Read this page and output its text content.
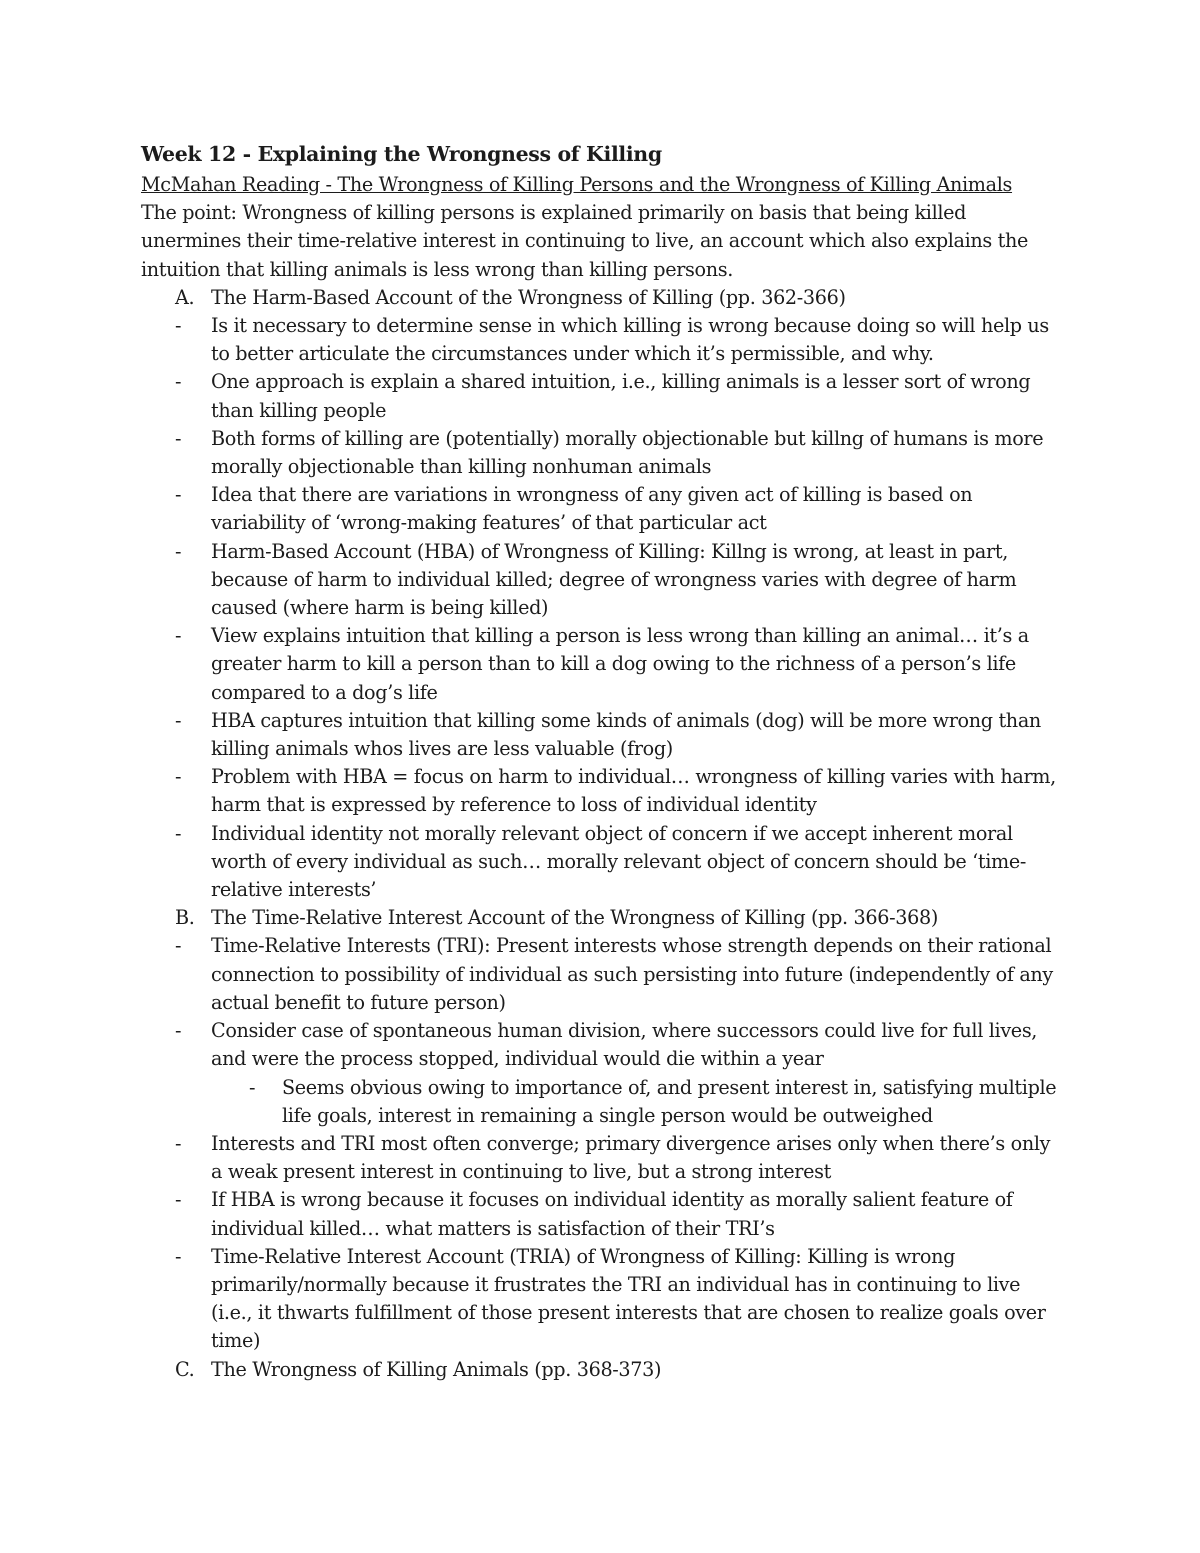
Week 12 - Explaining the Wrongness of Killing
McMahan Reading - The Wrongness of Killing Persons and the Wrongness of Killing Animals
The point: Wrongness of killing persons is explained primarily on basis that being killed unermines their time-relative interest in continuing to live, an account which also explains the intuition that killing animals is less wrong than killing persons.
A. The Harm-Based Account of the Wrongness of Killing (pp. 362-366)
- Is it necessary to determine sense in which killing is wrong because doing so will help us to better articulate the circumstances under which it’s permissible, and why.
- One approach is explain a shared intuition, i.e., killing animals is a lesser sort of wrong than killing people
- Both forms of killing are (potentially) morally objectionable but killng of humans is more morally objectionable than killing nonhuman animals
- Idea that there are variations in wrongness of any given act of killing is based on variability of ‘wrong-making features’ of that particular act
- Harm-Based Account (HBA) of Wrongness of Killing: Killng is wrong, at least in part, because of harm to individual killed; degree of wrongness varies with degree of harm caused (where harm is being killed)
- View explains intuition that killing a person is less wrong than killing an animal… it’s a greater harm to kill a person than to kill a dog owing to the richness of a person’s life compared to a dog’s life
- HBA captures intuition that killing some kinds of animals (dog) will be more wrong than killing animals whos lives are less valuable (frog)
- Problem with HBA = focus on harm to individual… wrongness of killing varies with harm, harm that is expressed by reference to loss of individual identity
- Individual identity not morally relevant object of concern if we accept inherent moral worth of every individual as such… morally relevant object of concern should be ‘time-relative interests’
B. The Time-Relative Interest Account of the Wrongness of Killing (pp. 366-368)
- Time-Relative Interests (TRI): Present interests whose strength depends on their rational connection to possibility of individual as such persisting into future (independently of any actual benefit to future person)
- Consider case of spontaneous human division, where successors could live for full lives, and were the process stopped, individual would die within a year
- Seems obvious owing to importance of, and present interest in, satisfying multiple life goals, interest in remaining a single person would be outweighed
- Interests and TRI most often converge; primary divergence arises only when there’s only a weak present interest in continuing to live, but a strong interest
- If HBA is wrong because it focuses on individual identity as morally salient feature of individual killed… what matters is satisfaction of their TRI’s
- Time-Relative Interest Account (TRIA) of Wrongness of Killing: Killing is wrong primarily/normally because it frustrates the TRI an individual has in continuing to live (i.e., it thwarts fulfillment of those present interests that are chosen to realize goals over time)
C. The Wrongness of Killing Animals (pp. 368-373)
